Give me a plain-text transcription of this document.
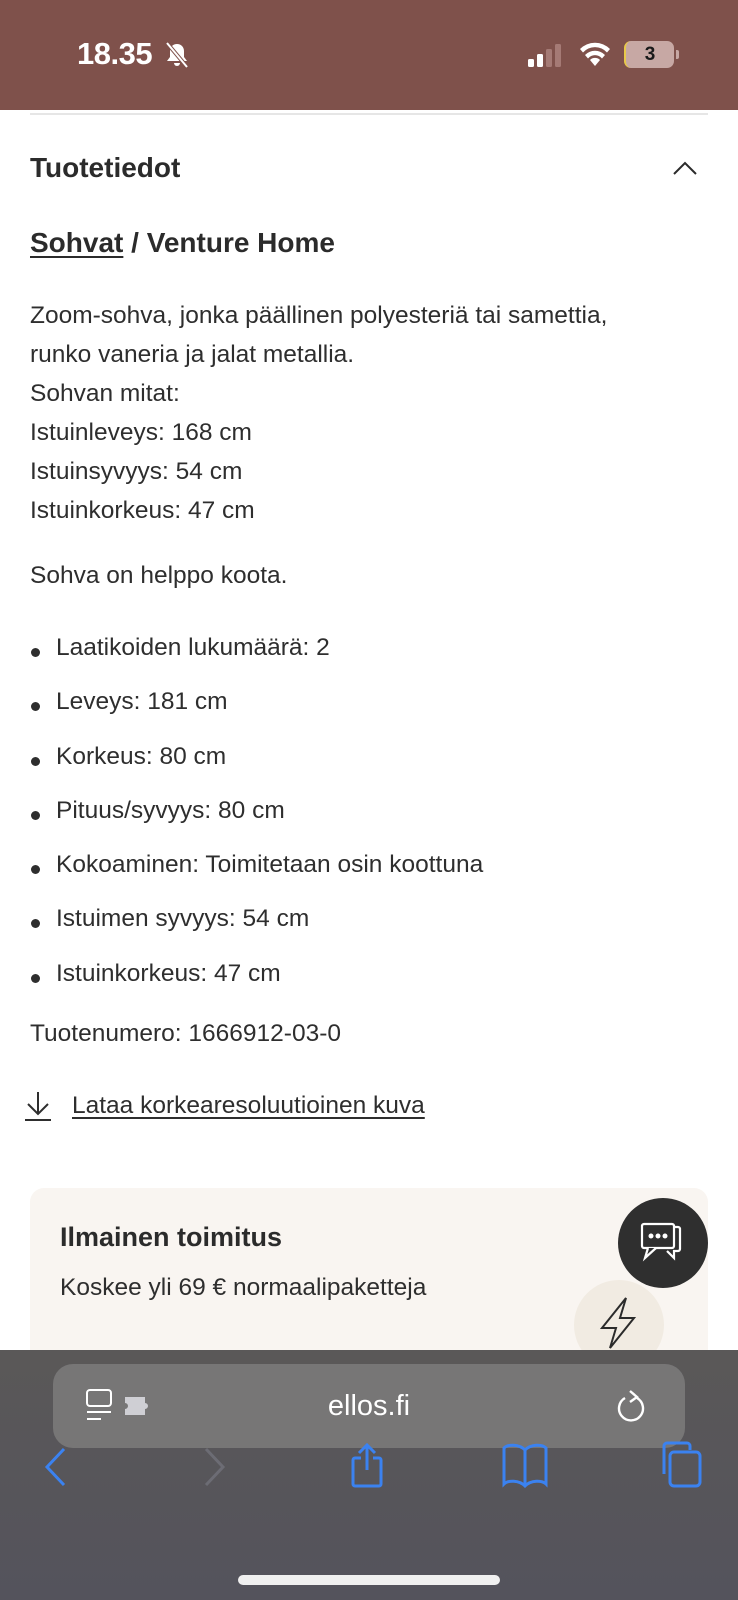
18.35	3
Tuotetiedot
Sohvat / Venture Home
Zoom-sohva, jonka päällinen polyesteriä tai samettia,
runko vaneria ja jalat metallia.
Sohvan mitat:
Istuinleveys: 168 cm
Istuinsyvyys: 54 cm
Istuinkorkeus: 47 cm
Sohva on helppo koota.
Laatikoiden lukumäärä: 2
Leveys: 181 cm
Korkeus: 80 cm
Pituus/syvyys: 80 cm
Kokoaminen: Toimitetaan osin koottuna
Istuimen syvyys: 54 cm
Istuinkorkeus: 47 cm
Tuotenumero: 1666912-03-0
Lataa korkearesoluutioinen kuva
Ilmainen toimitus
Koskee yli 69 € normaalipaketteja
ellos.fi
